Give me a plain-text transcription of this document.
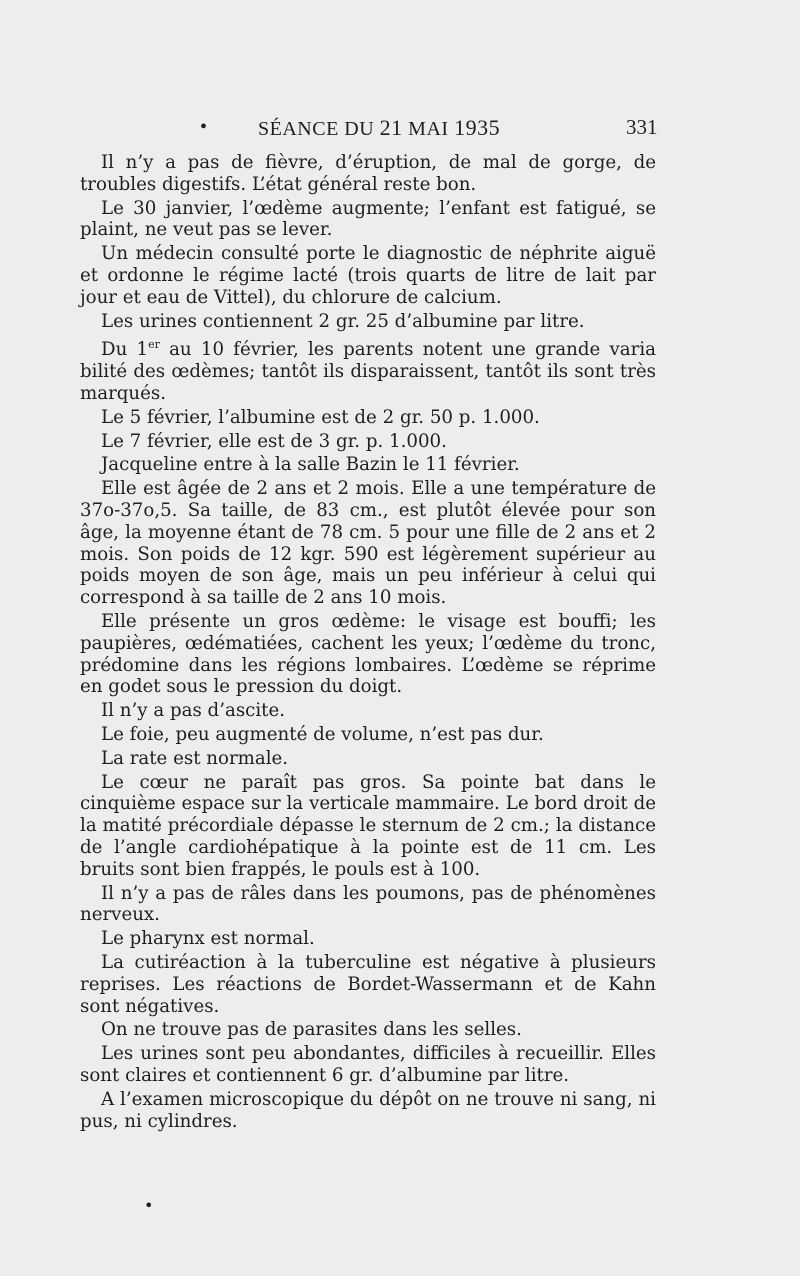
•	SÉANCE DU 21 MAI 1935	331

Il n’y a pas de fièvre, d’éruption, de mal de gorge, de troubles digestifs. L’état général reste bon.

Le 30 janvier, l’œdème augmente; l’enfant est fatigué, se plaint, ne veut pas se lever.

Un médecin consulté porte le diagnostic de néphrite aiguë et ordonne le régime lacté (trois quarts de litre de lait par jour et eau de Vittel), du chlorure de calcium.

Les urines contiennent 2 gr. 25 d’albumine par litre.

Du 1er au 10 février, les parents notent une grande varia bilité des œdèmes; tantôt ils disparaissent, tantôt ils sont très marqués.

Le 5 février, l’albumine est de 2 gr. 50 p. 1.000.

Le 7 février, elle est de 3 gr. p. 1.000.

Jacqueline entre à la salle Bazin le 11 février.

Elle est âgée de 2 ans et 2 mois. Elle a une température de 37o-37o,5. Sa taille, de 83 cm., est plutôt élevée pour son âge, la moyenne étant de 78 cm. 5 pour une fille de 2 ans et 2 mois. Son poids de 12 kgr. 590 est légèrement supérieur au poids moyen de son âge, mais un peu inférieur à celui qui correspond à sa taille de 2 ans 10 mois.

Elle présente un gros œdème: le visage est bouffi; les paupières, œdématiées, cachent les yeux; l’œdème du tronc, prédomine dans les régions lombaires. L’œdème se réprime en godet sous le pression du doigt.

Il n’y a pas d’ascite.

Le foie, peu augmenté de volume, n’est pas dur.

La rate est normale.

Le cœur ne paraît pas gros. Sa pointe bat dans le cinquième espace sur la verticale mammaire. Le bord droit de la matité précordiale dépasse le sternum de 2 cm.; la distance de l’angle cardiohépatique à la pointe est de 11 cm. Les bruits sont bien frappés, le pouls est à 100.

Il n’y a pas de râles dans les poumons, pas de phénomènes nerveux.

Le pharynx est normal.

La cutiréaction à la tuberculine est négative à plusieurs reprises. Les réactions de Bordet-Wassermann et de Kahn sont négatives.

On ne trouve pas de parasites dans les selles.

Les urines sont peu abondantes, difficiles à recueillir. Elles sont claires et contiennent 6 gr. d’albumine par litre.

A l’examen microscopique du dépôt on ne trouve ni sang, ni pus, ni cylindres.

•
